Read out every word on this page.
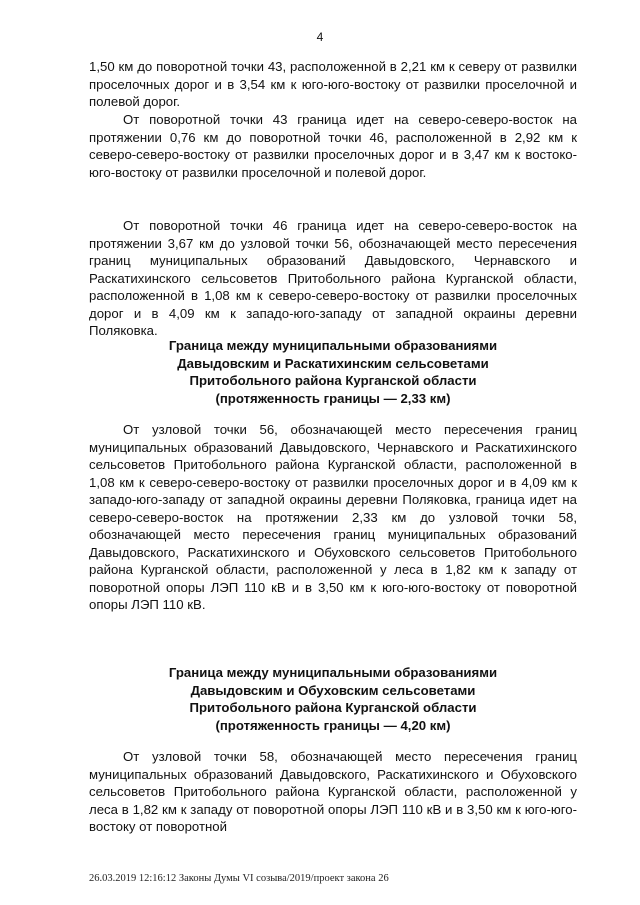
4

1,50 км до поворотной точки 43, расположенной в 2,21 км к северу от развилки проселочных дорог и в 3,54 км к юго-юго-востоку от развилки проселочной и полевой дорог.

От поворотной точки 43 граница идет на северо-северо-восток на протяжении 0,76 км до поворотной точки 46, расположенной в 2,92 км к северо-северо-востоку от развилки проселочных дорог и в 3,47 км к востоко-юго-востоку от развилки проселочной и полевой дорог.

От поворотной точки 46 граница идет на северо-северо-восток на протяжении 3,67 км до узловой точки 56, обозначающей место пересечения границ муниципальных образований Давыдовского, Чернавского и Раскатихинского сельсоветов Притобольного района Курганской области, расположенной в 1,08 км к северо-северо-востоку от развилки проселочных дорог и в 4,09 км к западо-юго-западу от западной окраины деревни Поляковка.

Граница между муниципальными образованиями

Давыдовским и Раскатихинским сельсоветами

Притобольного района Курганской области

(протяженность границы — 2,33 км)

От узловой точки 56, обозначающей место пересечения границ муниципальных образований Давыдовского, Чернавского и Раскатихинского сельсоветов Притобольного района Курганской области, расположенной в 1,08 км к северо-северо-востоку от развилки проселочных дорог и в 4,09 км к западо-юго-западу от западной окраины деревни Поляковка, граница идет на северо-северо-восток на протяжении 2,33 км до узловой точки 58, обозначающей место пересечения границ муниципальных образований Давыдовского, Раскатихинского и Обуховского сельсоветов Притобольного района Курганской области, расположенной у леса в 1,82 км к западу от поворотной опоры ЛЭП 110 кВ и в 3,50 км к юго-юго-востоку от поворотной опоры ЛЭП 110 кВ.

Граница между муниципальными образованиями

Давыдовским и Обуховским сельсоветами

Притобольного района Курганской области

(протяженность границы — 4,20 км)

От узловой точки 58, обозначающей место пересечения границ муниципальных образований Давыдовского, Раскатихинского и Обуховского сельсоветов Притобольного района Курганской области, расположенной у леса в 1,82 км к западу от поворотной опоры ЛЭП 110 кВ и в 3,50 км к юго-юго-востоку от поворотной

26.03.2019 12:16:12 Законы Думы VI созыва/2019/проект закона 26
